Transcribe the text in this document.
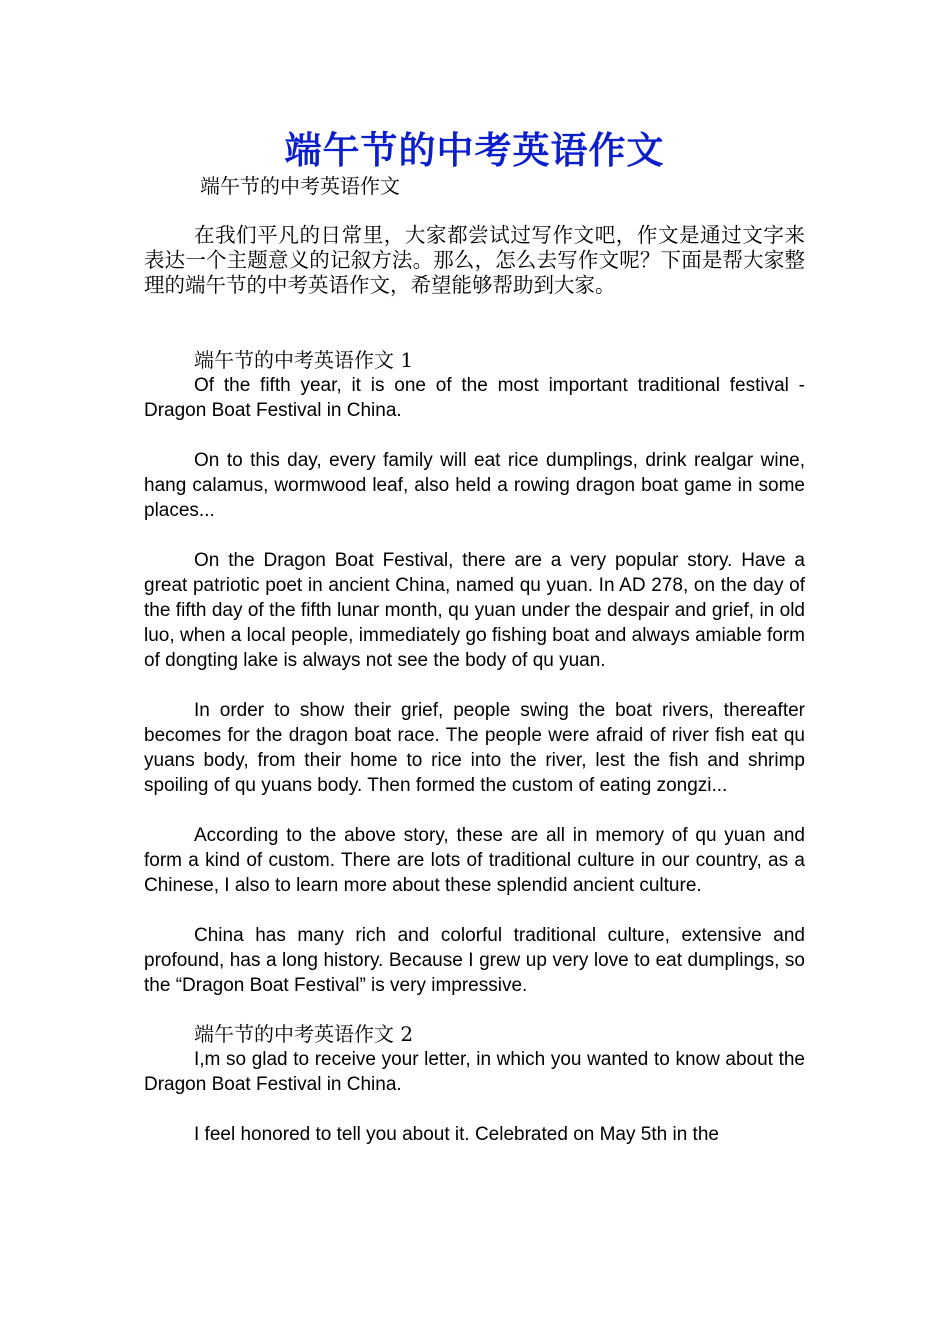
端午节的中考英语作文

端午节的中考英语作文

在我们平凡的日常里，大家都尝试过写作文吧，作文是通过文字来表达一个主题意义的记叙方法。那么，怎么去写作文呢？下面是帮大家整理的端午节的中考英语作文，希望能够帮助到大家。

端午节的中考英语作文 1

Of the fifth year, it is one of the most important traditional festival - Dragon Boat Festival in China.

On to this day, every family will eat rice dumplings, drink realgar wine, hang calamus, wormwood leaf, also held a rowing dragon boat game in some places...

On the Dragon Boat Festival, there are a very popular story. Have a great patriotic poet in ancient China, named qu yuan. In AD 278, on the day of the fifth day of the fifth lunar month, qu yuan under the despair and grief, in old luo, when a local people, immediately go fishing boat and always amiable form of dongting lake is always not see the body of qu yuan.

In order to show their grief, people swing the boat rivers, thereafter becomes for the dragon boat race. The people were afraid of river fish eat qu yuans body, from their home to rice into the river, lest the fish and shrimp spoiling of qu yuans body. Then formed the custom of eating zongzi...

According to the above story, these are all in memory of qu yuan and form a kind of custom. There are lots of traditional culture in our country, as a Chinese, I also to learn more about these splendid ancient culture.

China has many rich and colorful traditional culture, extensive and profound, has a long history. Because I grew up very love to eat dumplings, so the “Dragon Boat Festival” is very impressive.

端午节的中考英语作文 2

I,m so glad to receive your letter, in which you wanted to know about the Dragon Boat Festival in China.

I feel honored to tell you about it. Celebrated on May 5th in the
